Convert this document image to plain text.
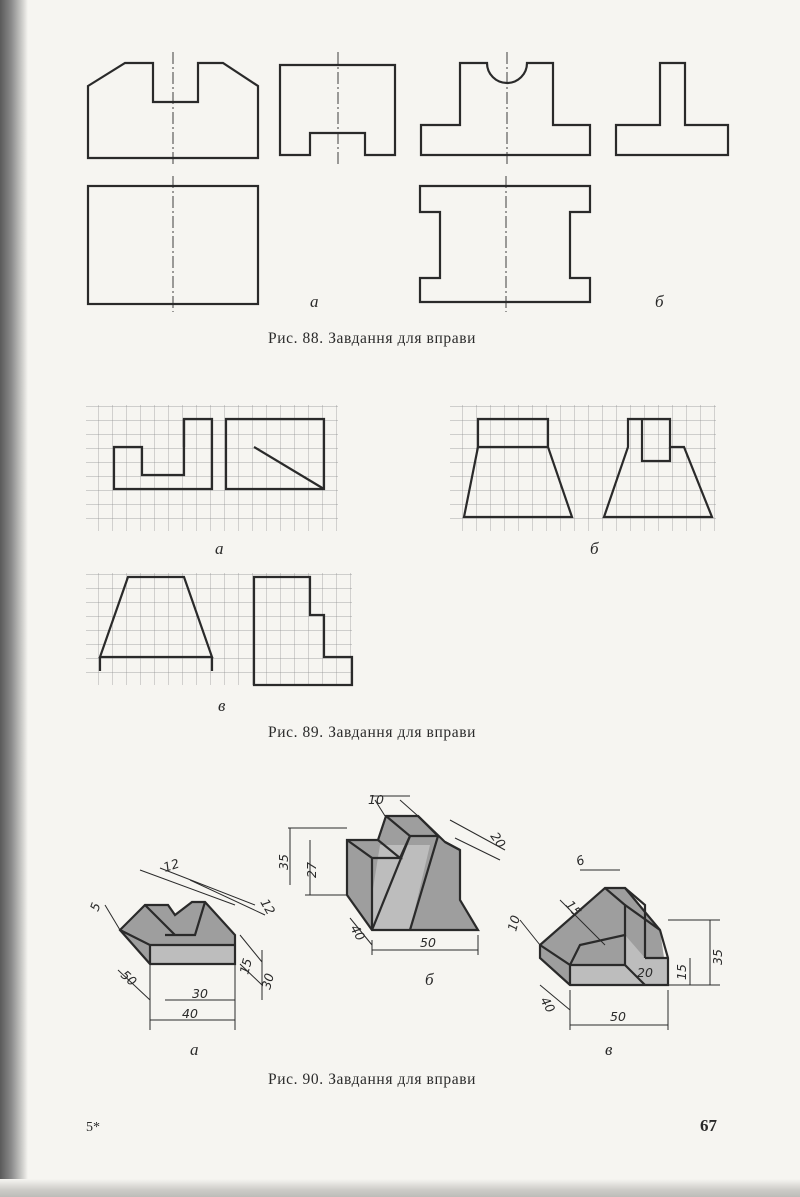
а	б
Рис. 88. Завдання для вправи
а	б
в
Рис. 89. Завдання для вправи
12
12
5
50
30
40
15
30
10
20
35
27
40	50
6
15
10
20 15
35
40
50
а
б
в
Рис. 90. Завдання для вправи
5*	67
